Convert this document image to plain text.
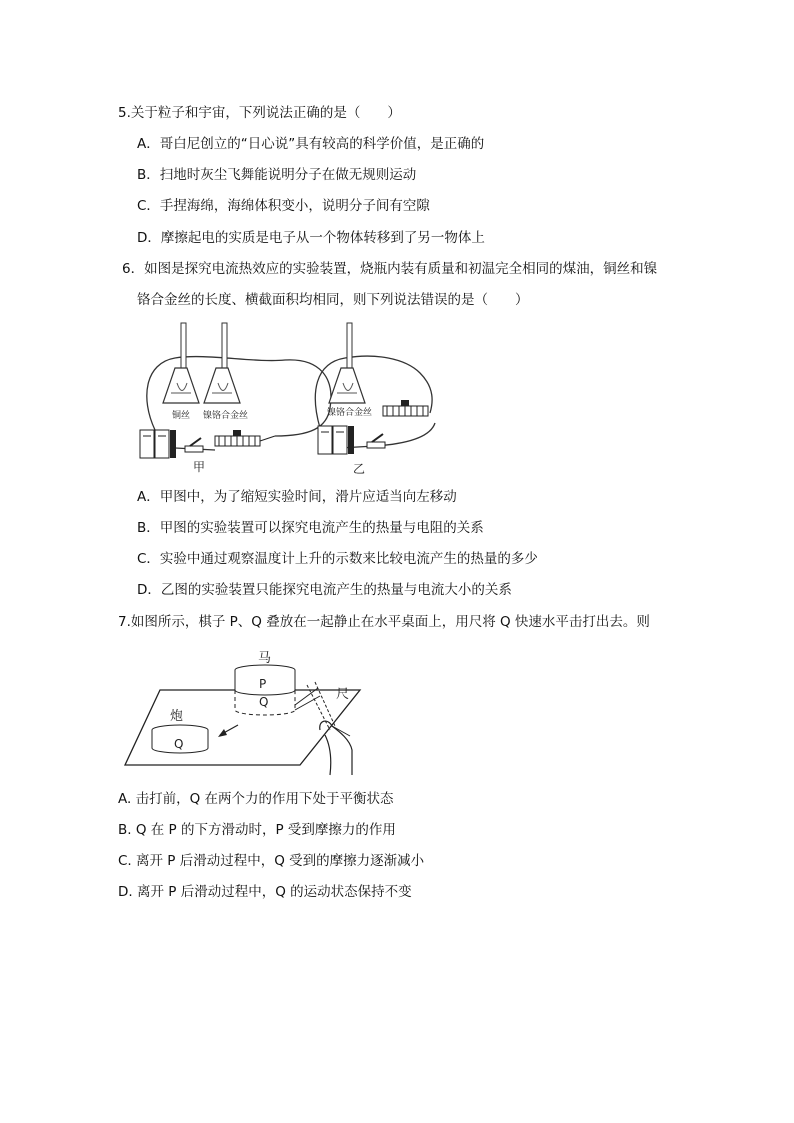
5.关于粒子和宇宙，下列说法正确的是（　　）
A．哥白尼创立的“日心说”具有较高的科学价值，是正确的
B．扫地时灰尘飞舞能说明分子在做无规则运动
C．手捏海绵，海绵体积变小，说明分子间有空隙
D．摩擦起电的实质是电子从一个物体转移到了另一物体上
6．如图是探究电流热效应的实验装置，烧瓶内装有质量和初温完全相同的煤油，铜丝和镍
铬合金丝的长度、横截面积均相同，则下列说法错误的是（　　）
铜丝 镍铬合金丝
甲
镍铬合金丝
乙
A．甲图中，为了缩短实验时间，滑片应适当向左移动
B．甲图的实验装置可以探究电流产生的热量与电阻的关系
C．实验中通过观察温度计上升的示数来比较电流产生的热量的多少
D．乙图的实验装置只能探究电流产生的热量与电流大小的关系
7.如图所示，棋子 P、Q 叠放在一起静止在水平桌面上，用尺将 Q 快速水平击打出去。则
马
P
Q
炮
Q
尺
A. 击打前，Q 在两个力的作用下处于平衡状态
B. Q 在 P 的下方滑动时，P 受到摩擦力的作用
C. 离开 P 后滑动过程中，Q 受到的摩擦力逐渐减小
D. 离开 P 后滑动过程中，Q 的运动状态保持不变
